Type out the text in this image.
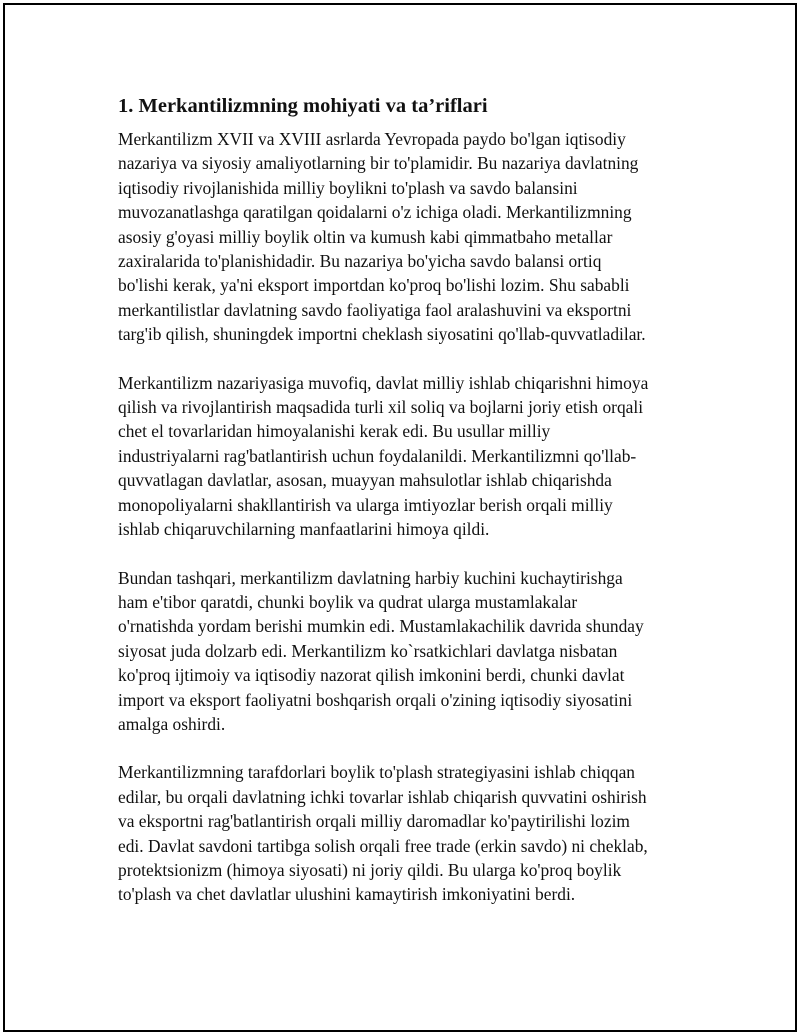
1. Merkantilizmning mohiyati va ta’riflari
Merkantilizm XVII va XVIII asrlarda Yevropada paydo bo'lgan iqtisodiy
nazariya va siyosiy amaliyotlarning bir to'plamidir. Bu nazariya davlatning
iqtisodiy rivojlanishida milliy boylikni to'plash va savdo balansini
muvozanatlashga qaratilgan qoidalarni o'z ichiga oladi. Merkantilizmning
asosiy g'oyasi milliy boylik oltin va kumush kabi qimmatbaho metallar
zaxiralarida to'planishidadir. Bu nazariya bo'yicha savdo balansi ortiq
bo'lishi kerak, ya'ni eksport importdan ko'proq bo'lishi lozim. Shu sababli
merkantilistlar davlatning savdo faoliyatiga faol aralashuvini va eksportni
targ'ib qilish, shuningdek importni cheklash siyosatini qo'llab-quvvatladilar.
Merkantilizm nazariyasiga muvofiq, davlat milliy ishlab chiqarishni himoya
qilish va rivojlantirish maqsadida turli xil soliq va bojlarni joriy etish orqali
chet el tovarlaridan himoyalanishi kerak edi. Bu usullar milliy
industriyalarni rag'batlantirish uchun foydalanildi. Merkantilizmni qo'llab-
quvvatlagan davlatlar, asosan, muayyan mahsulotlar ishlab chiqarishda
monopoliyalarni shakllantirish va ularga imtiyozlar berish orqali milliy
ishlab chiqaruvchilarning manfaatlarini himoya qildi.
Bundan tashqari, merkantilizm davlatning harbiy kuchini kuchaytirishga
ham e'tibor qaratdi, chunki boylik va qudrat ularga mustamlakalar
o'rnatishda yordam berishi mumkin edi. Mustamlakachilik davrida shunday
siyosat juda dolzarb edi. Merkantilizm ko`rsatkichlari davlatga nisbatan
ko'proq ijtimoiy va iqtisodiy nazorat qilish imkonini berdi, chunki davlat
import va eksport faoliyatni boshqarish orqali o'zining iqtisodiy siyosatini
amalga oshirdi.
Merkantilizmning tarafdorlari boylik to'plash strategiyasini ishlab chiqqan
edilar, bu orqali davlatning ichki tovarlar ishlab chiqarish quvvatini oshirish
va eksportni rag'batlantirish orqali milliy daromadlar ko'paytirilishi lozim
edi. Davlat savdoni tartibga solish orqali free trade (erkin savdo) ni cheklab,
protektsionizm (himoya siyosati) ni joriy qildi. Bu ularga ko'proq boylik
to'plash va chet davlatlar ulushini kamaytirish imkoniyatini berdi.
